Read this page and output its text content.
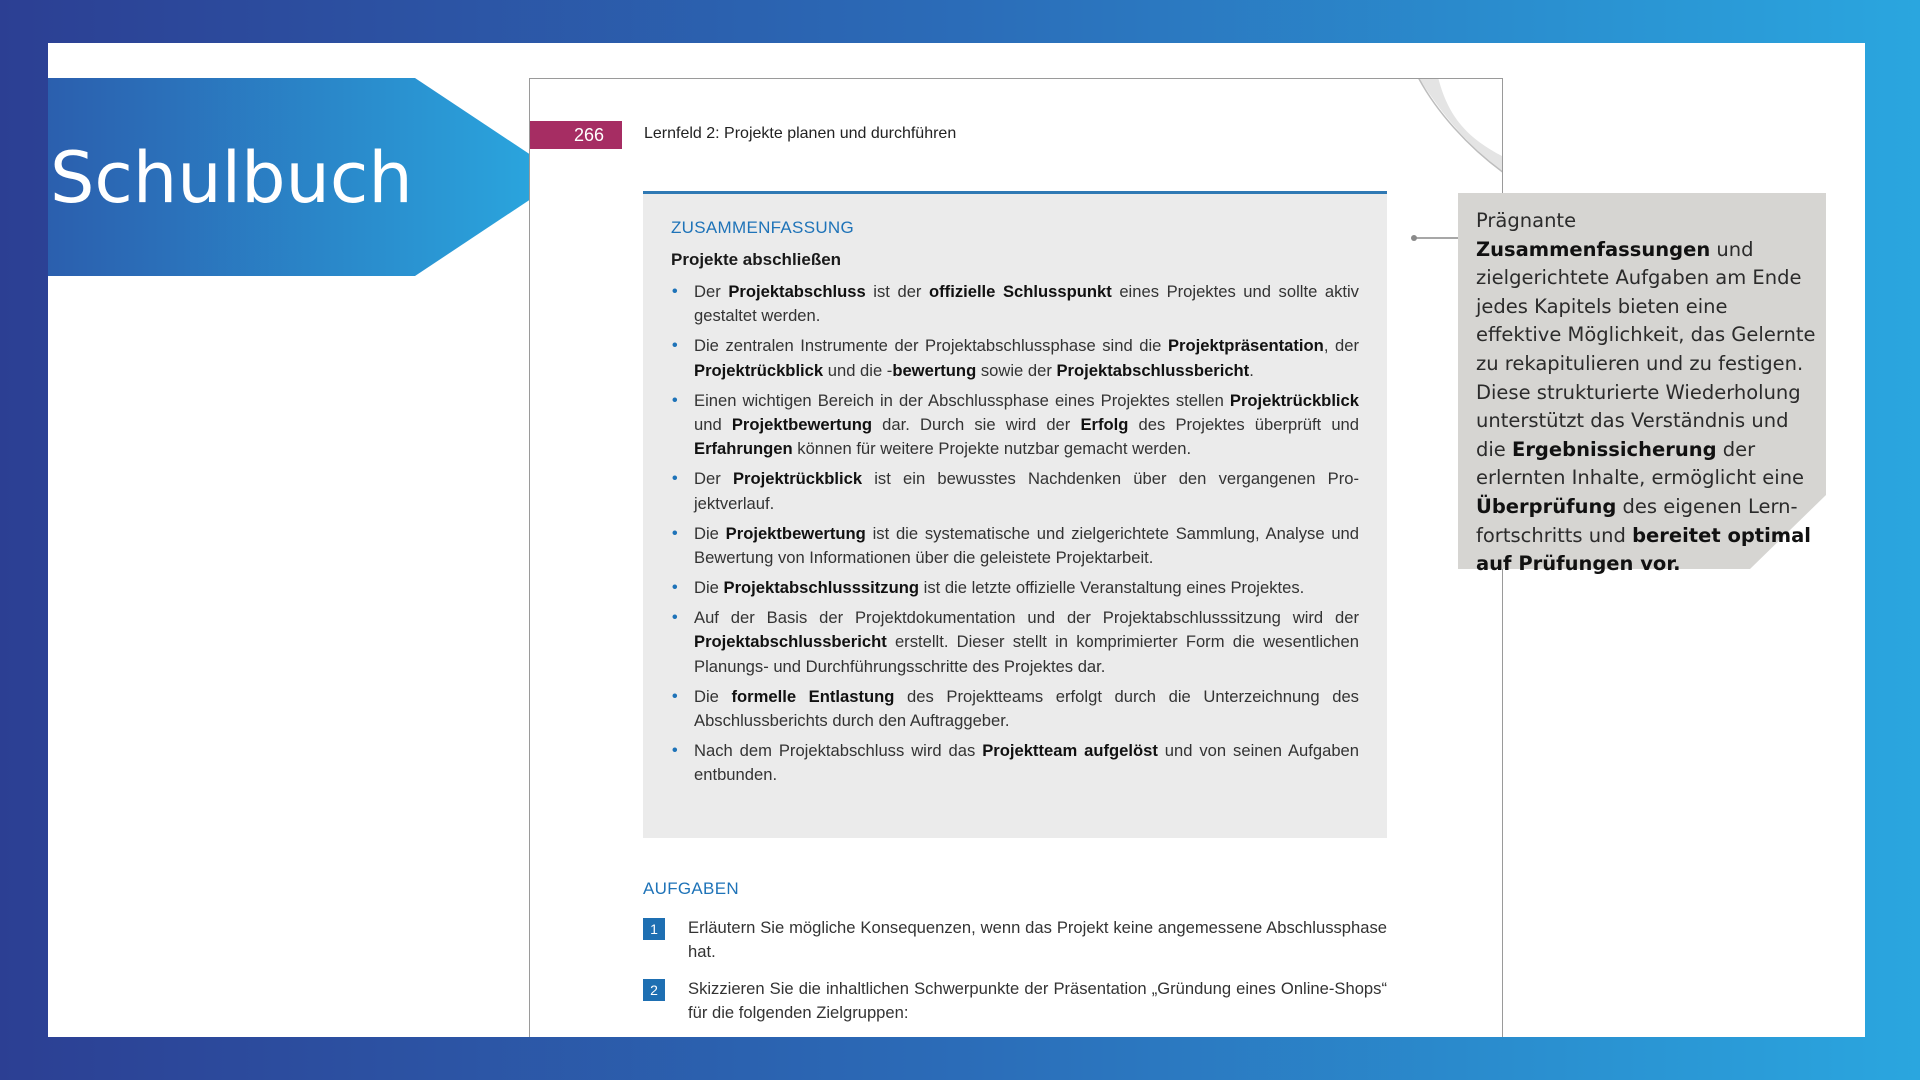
Schulbuch
266	Lernfeld 2: Projekte planen und durchführen
ZUSAMMENFASSUNG
Projekte abschließen
• Der Projektabschluss ist der offizielle Schlusspunkt eines Projektes und sollte aktiv gestaltet werden.
• Die zentralen Instrumente der Projektabschlussphase sind die Projektpräsentation, der Projektrückblick und die -bewertung sowie der Projektabschlussbericht.
• Einen wichtigen Bereich in der Abschlussphase eines Projektes stellen Projektrückblick und Projektbewertung dar. Durch sie wird der Erfolg des Projektes überprüft und Erfahrungen können für weitere Projekte nutzbar gemacht werden.
• Der Projektrückblick ist ein bewusstes Nachdenken über den vergangenen Projektverlauf.
• Die Projektbewertung ist die systematische und zielgerichtete Sammlung, Analyse und Bewertung von Informationen über die geleistete Projektarbeit.
• Die Projektabschlusssitzung ist die letzte offizielle Veranstaltung eines Projektes.
• Auf der Basis der Projektdokumentation und der Projektabschlusssitzung wird der Projektabschlussbericht erstellt. Dieser stellt in komprimierter Form die wesentlichen Planungs- und Durchführungsschritte des Projektes dar.
• Die formelle Entlastung des Projektteams erfolgt durch die Unterzeichnung des Abschlussberichts durch den Auftraggeber.
• Nach dem Projektabschluss wird das Projektteam aufgelöst und von seinen Aufgaben entbunden.
AUFGABEN
1	Erläutern Sie mögliche Konsequenzen, wenn das Projekt keine angemessene Abschlussphase hat.
2	Skizzieren Sie die inhaltlichen Schwerpunkte der Präsentation „Gründung eines Online-Shops“ für die folgenden Zielgruppen:
Prägnante Zusammenfassungen und zielgerichtete Aufgaben am Ende jedes Kapitels bieten eine effektive Möglichkeit, das Gelernte zu rekapitulieren und zu festigen. Diese strukturierte Wiederholung unterstützt das Verständnis und die Ergebnissicherung der erlernten Inhalte, ermöglicht eine Überprüfung des eigenen Lernfortschritts und bereitet optimal auf Prüfungen vor.
